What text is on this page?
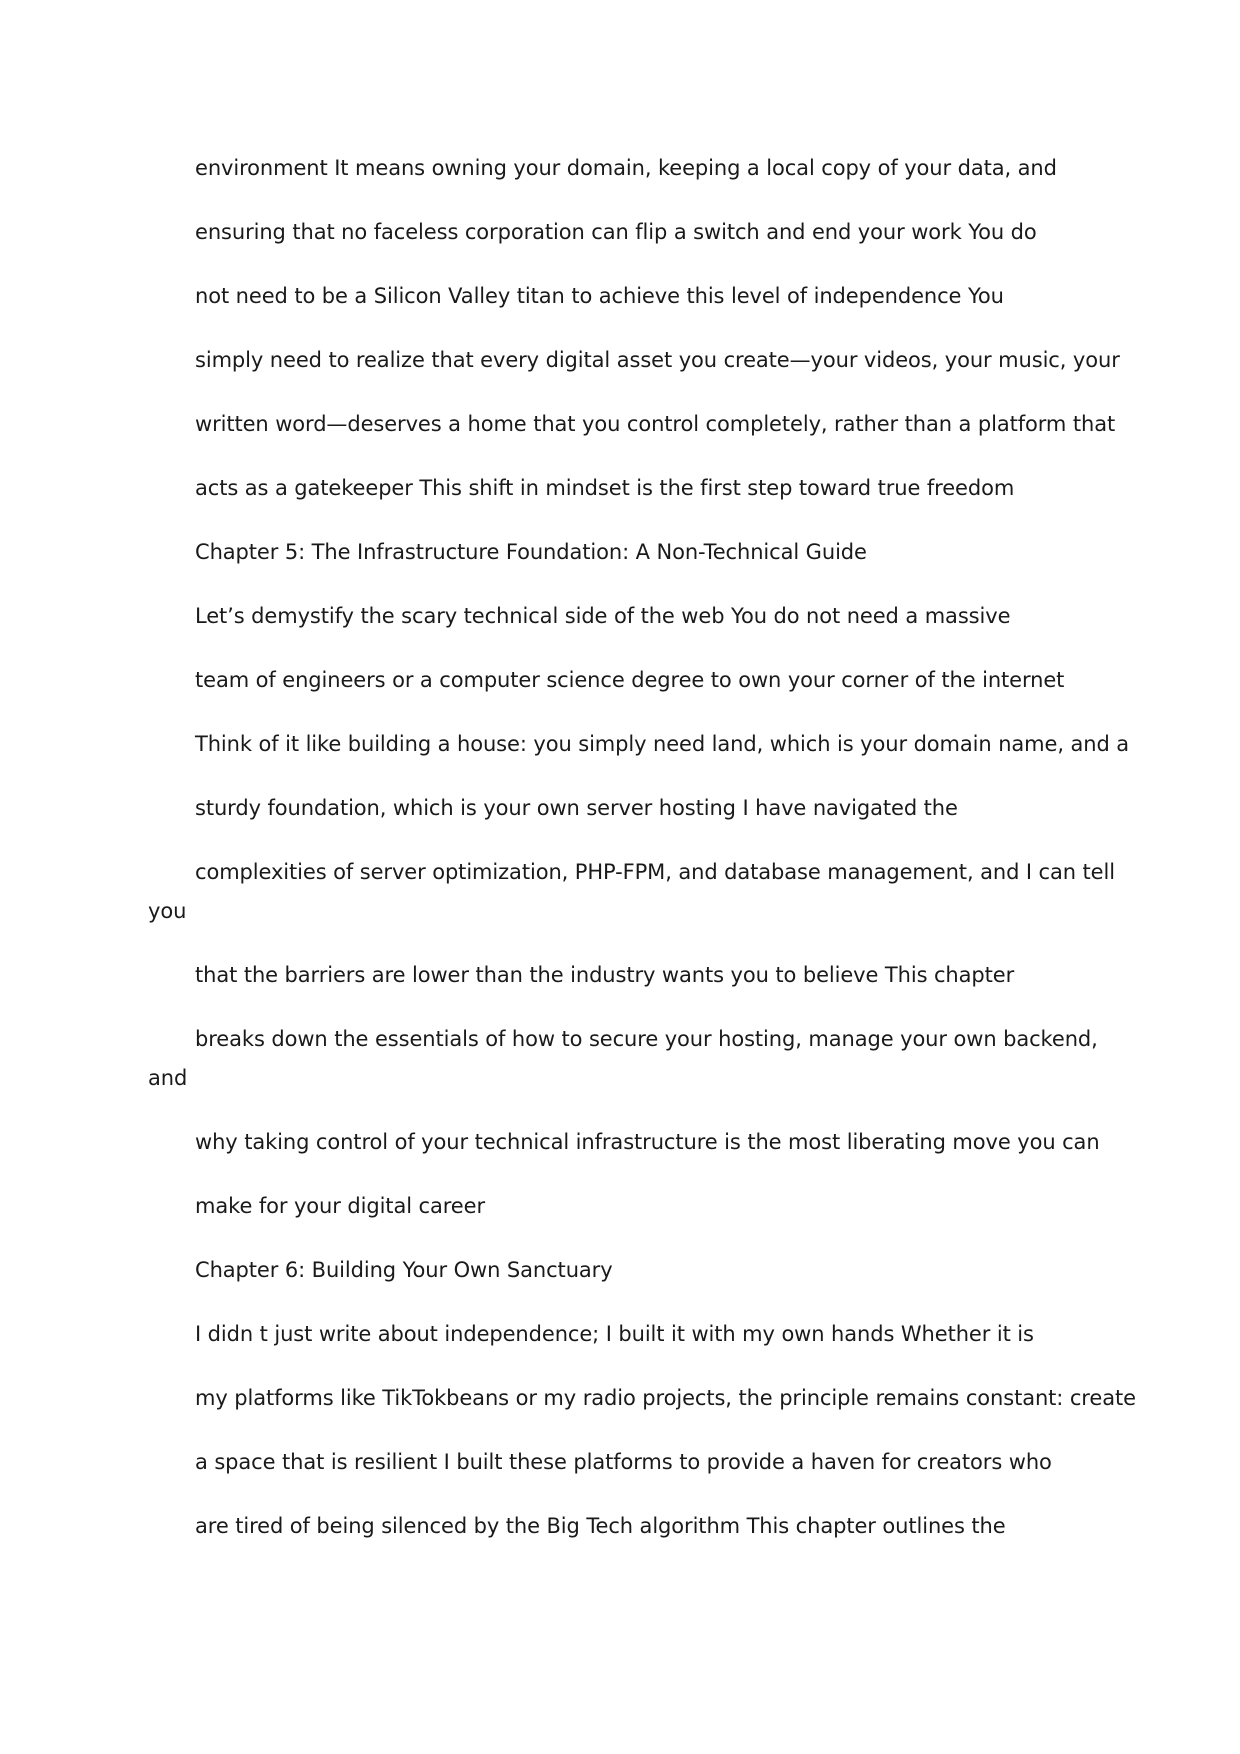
environment It means owning your domain, keeping a local copy of your data, and

ensuring that no faceless corporation can flip a switch and end your work You do

not need to be a Silicon Valley titan to achieve this level of independence You

simply need to realize that every digital asset you create—your videos, your music, your

written word—deserves a home that you control completely, rather than a platform that

acts as a gatekeeper This shift in mindset is the first step toward true freedom

Chapter 5: The Infrastructure Foundation: A Non-Technical Guide

Let’s demystify the scary technical side of the web You do not need a massive

team of engineers or a computer science degree to own your corner of the internet

Think of it like building a house: you simply need land, which is your domain name, and a

sturdy foundation, which is your own server hosting I have navigated the

complexities of server optimization, PHP-FPM, and database management, and I can tell

you

that the barriers are lower than the industry wants you to believe This chapter

breaks down the essentials of how to secure your hosting, manage your own backend,

and

why taking control of your technical infrastructure is the most liberating move you can

make for your digital career

Chapter 6: Building Your Own Sanctuary

I didn t just write about independence; I built it with my own hands Whether it is

my platforms like TikTokbeans or my radio projects, the principle remains constant: create

a space that is resilient I built these platforms to provide a haven for creators who

are tired of being silenced by the Big Tech algorithm This chapter outlines the
